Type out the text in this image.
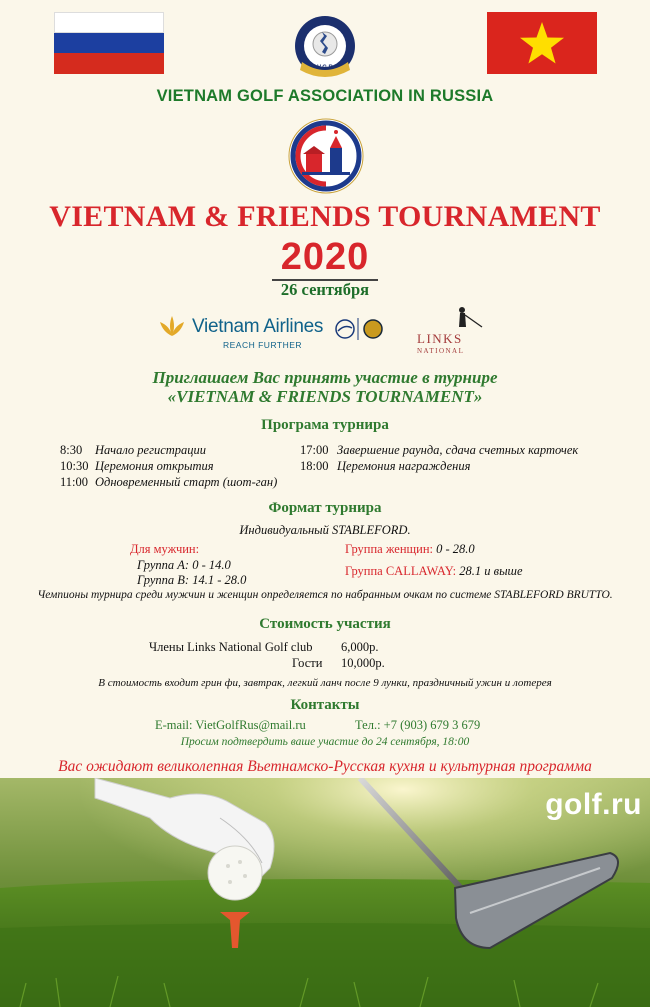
V.G.R
VIETNAM GOLF ASSOCIATION IN RUSSIA
VIETNAM & FRIENDS TOURNAMENT
2020
26 сентября
Vietnam Airlines
REACH FURTHER	LINKS
NATIONAL
Приглашаем Вас принять участие в турнире
«VIETNAM & FRIENDS TOURNAMENT»
Програма турнира
8:30 Начало регистрации
10:30 Церемония открытия
11:00 Одновременный старт (шот-ган)
17:00 Завершение раунда, сдача счетных карточек
18:00 Церемония награждения
Формат турнира
Индивидуальный STABLEFORD.
Для мужчин:
Группа А: 0 - 14.0
Группа В: 14.1 - 28.0
Группа женщин: 0 - 28.0
Группа CALLAWAY: 28.1 и выше
Чемпионы турнира среди мужчин и женщин определяется по набранным очкам по системе STABLEFORD BRUTTO.
Стоимость участия
Члены Links National Golf club	6,000р.
Гости 10,000р.
В стоимость входит грин фи, завтрак, легкий ланч после 9 лунки, праздничный ужин и лотерея
Контакты
E-mail: VietGolfRus@mail.ru	Тел.: +7 (903) 679 3 679
Просим подтвердить ваше участие до 24 сентября, 18:00
Вас ожидают великолепная Вьетнамско-Русская кухня и культурная программа
golf.ru
